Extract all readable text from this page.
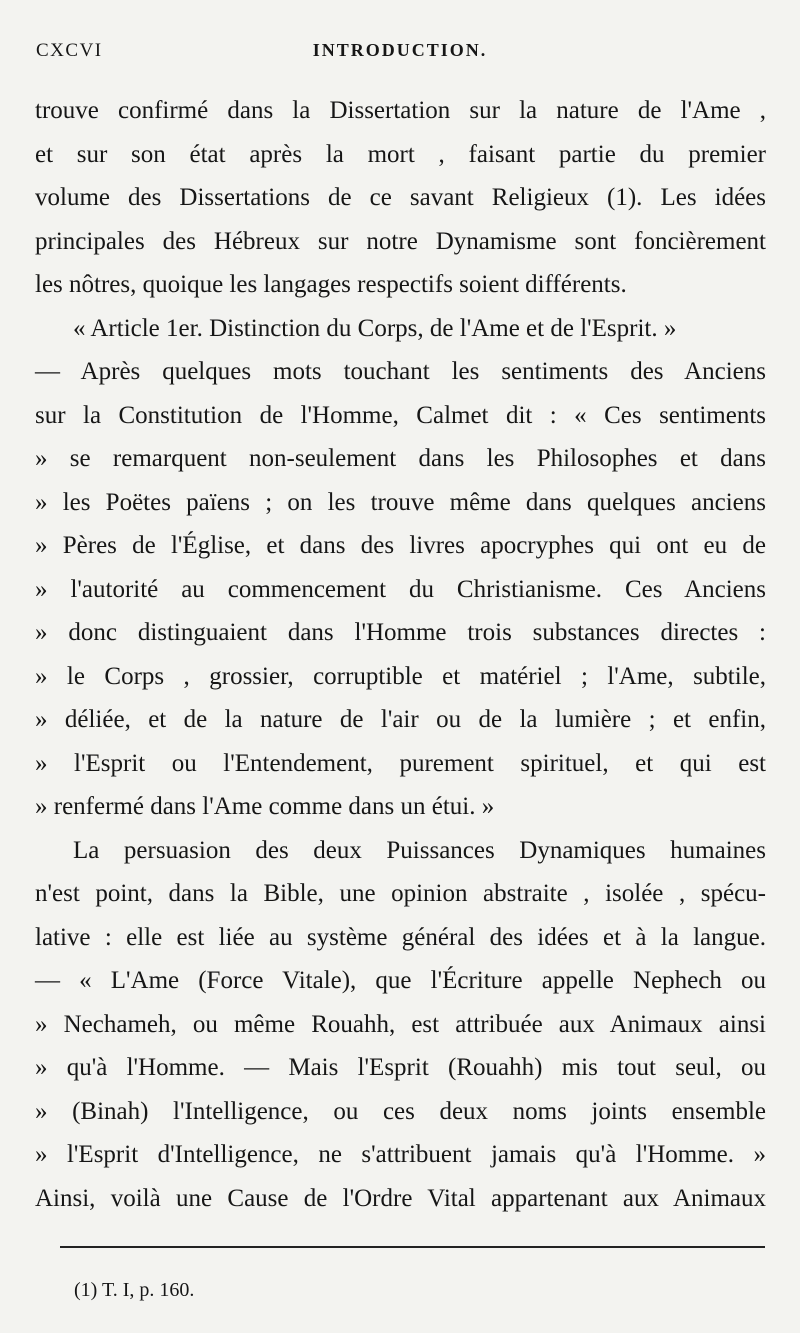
CXCVI	INTRODUCTION.
trouve confirmé dans la Dissertation sur la nature de l'Ame ,
et sur son état après la mort , faisant partie du premier
volume des Dissertations de ce savant Religieux (1). Les idées
principales des Hébreux sur notre Dynamisme sont foncièrement
les nôtres, quoique les langages respectifs soient différents.
« Article 1er. Distinction du Corps, de l'Ame et de l'Esprit. »
— Après quelques mots touchant les sentiments des Anciens
sur la Constitution de l'Homme, Calmet dit : « Ces sentiments
» se remarquent non-seulement dans les Philosophes et dans
» les Poëtes païens ; on les trouve même dans quelques anciens
» Pères de l'Église, et dans des livres apocryphes qui ont eu de
» l'autorité au commencement du Christianisme. Ces Anciens
» donc distinguaient dans l'Homme trois substances directes :
» le Corps , grossier, corruptible et matériel ; l'Ame, subtile,
» déliée, et de la nature de l'air ou de la lumière ; et enfin,
» l'Esprit ou l'Entendement, purement spirituel, et qui est
» renfermé dans l'Ame comme dans un étui. »
La persuasion des deux Puissances Dynamiques humaines
n'est point, dans la Bible, une opinion abstraite , isolée , spécu-
lative : elle est liée au système général des idées et à la langue.
— « L'Ame (Force Vitale), que l'Écriture appelle Nephech ou
» Nechameh, ou même Rouahh, est attribuée aux Animaux ainsi
» qu'à l'Homme. — Mais l'Esprit (Rouahh) mis tout seul, ou
» (Binah) l'Intelligence, ou ces deux noms joints ensemble
» l'Esprit d'Intelligence, ne s'attribuent jamais qu'à l'Homme. »
Ainsi, voilà une Cause de l'Ordre Vital appartenant aux Animaux
(1) T. I, p. 160.
